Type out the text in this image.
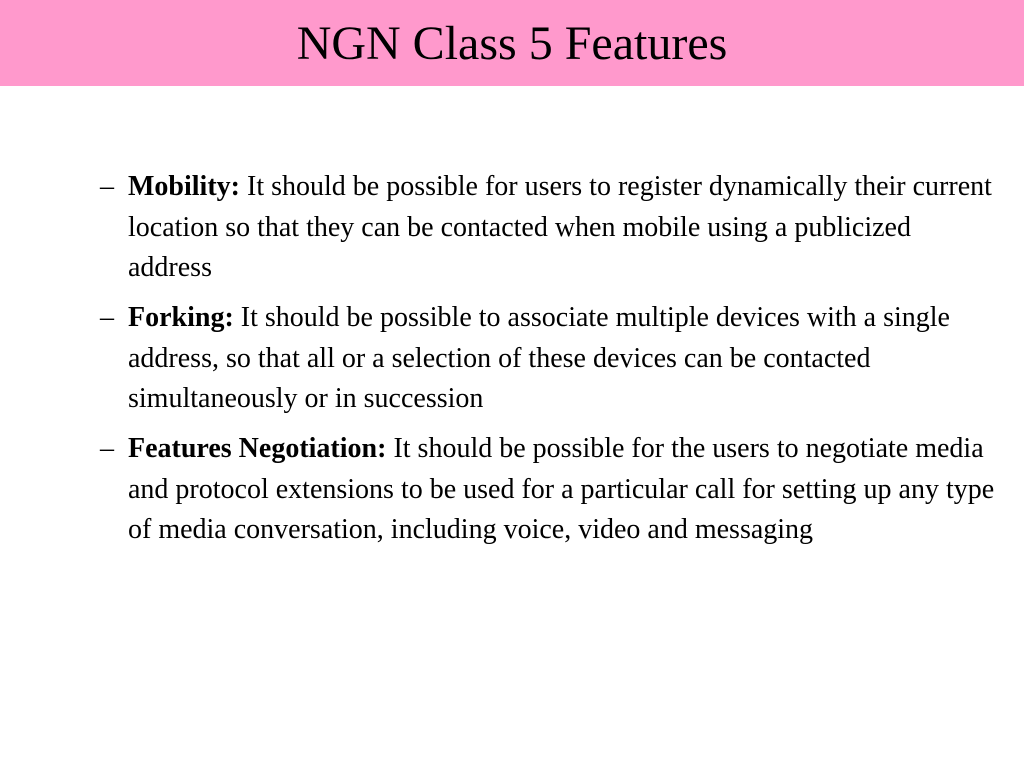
NGN Class 5 Features
– Mobility: It should be possible for users to register dynamically their current location so that they can be contacted when mobile using a publicized address
– Forking: It should be possible to associate multiple devices with a single address, so that all or a selection of these devices can be contacted simultaneously or in succession
– Features Negotiation: It should be possible for the users to negotiate media and protocol extensions to be used for a particular call for setting up any type of media conversation, including voice, video and messaging
